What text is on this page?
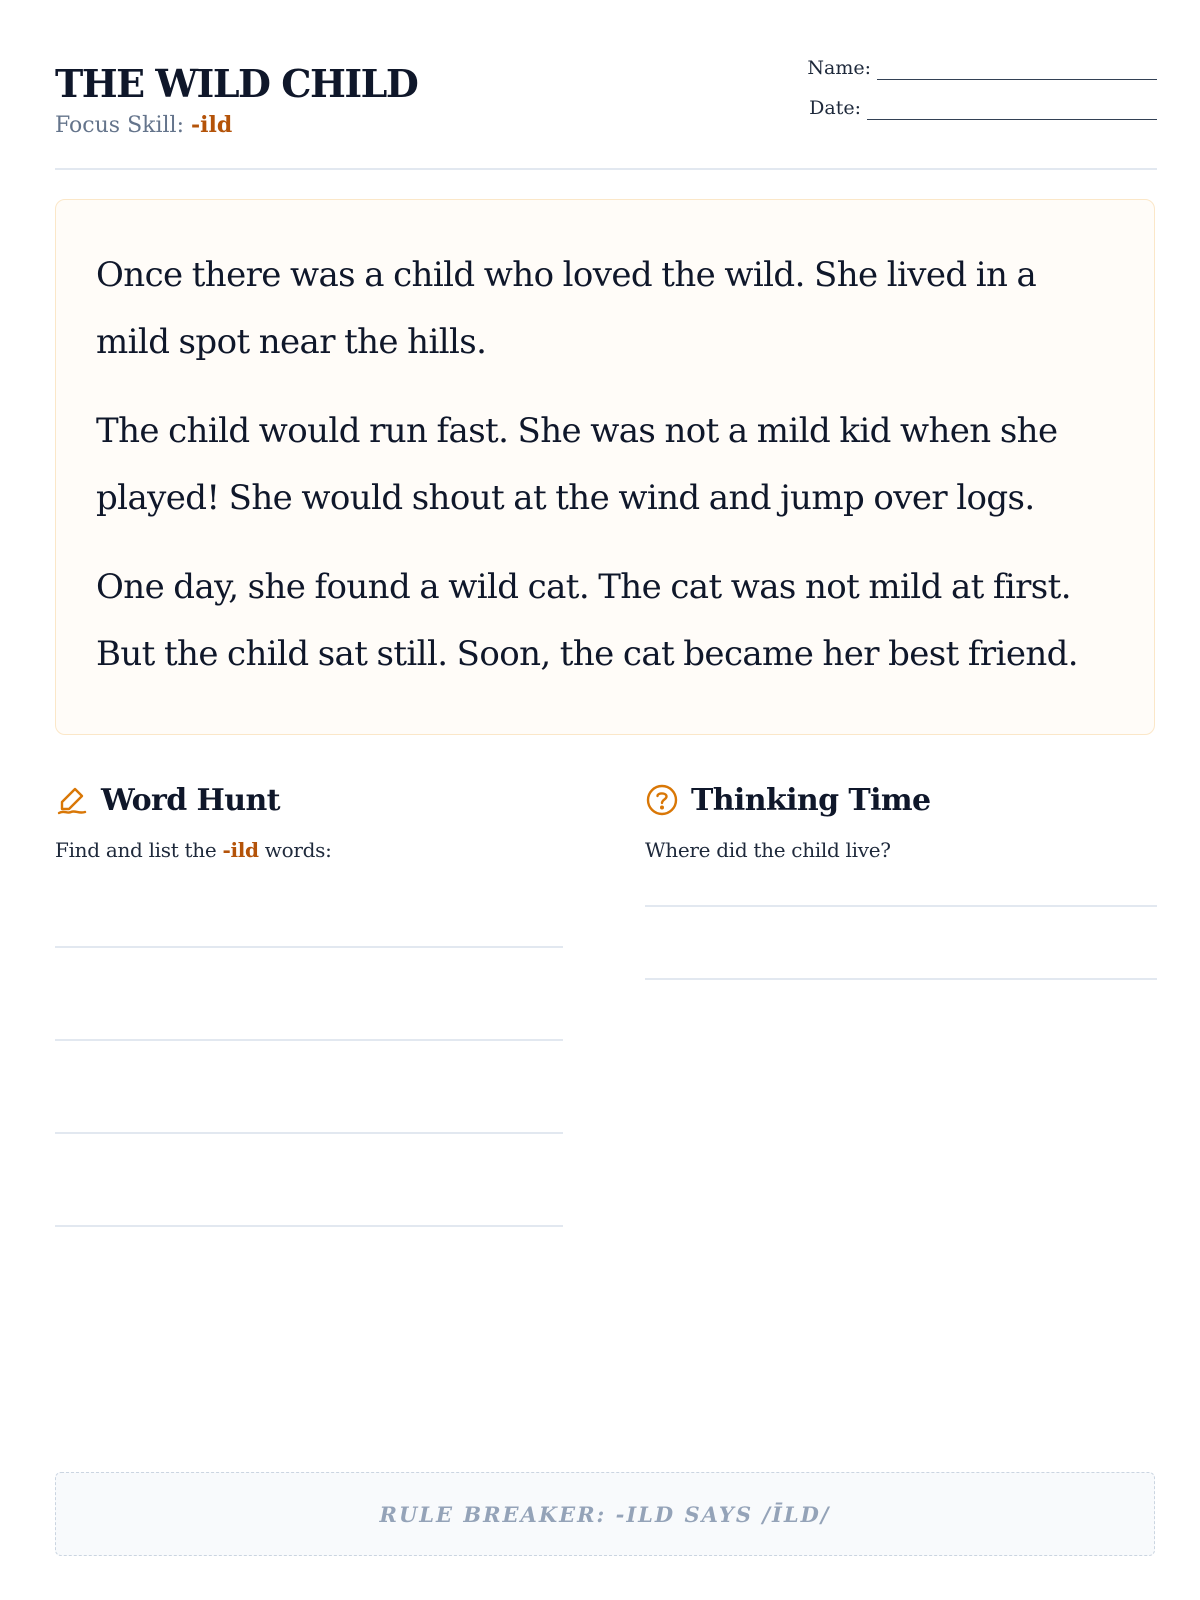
THE WILD CHILD
Focus Skill: -ild
Name:
Date:

Once there was a child who loved the wild. She lived in a mild spot near the hills.

The child would run fast. She was not a mild kid when she played! She would shout at the wind and jump over logs.

One day, she found a wild cat. The cat was not mild at first. But the child sat still. Soon, the cat became her best friend.

Word Hunt
Find and list the -ild words:
Thinking Time
Where did the child live?
RULE BREAKER: -ILD SAYS /ĪLD/
